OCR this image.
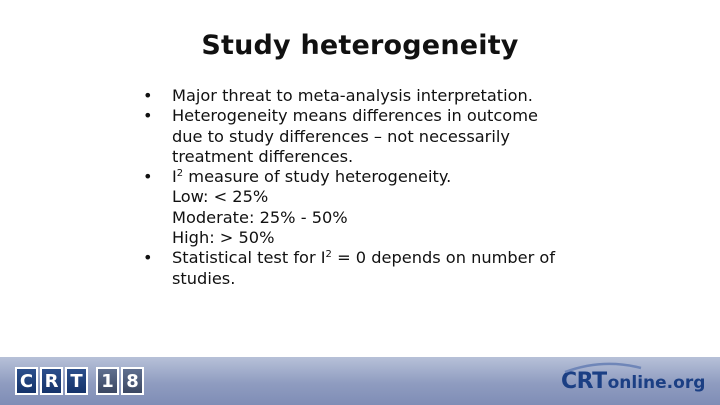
Study heterogeneity
• Major threat to meta-analysis interpretation.
• Heterogeneity means differences in outcome
due to study differences – not necessarily
treatment differences.
• $I^2$ measure of study heterogeneity.
Low: < 25%
Moderate: 25% - 50%
High: > 50%
• Statistical test for $I^2 = 0$ depends on number of
studies.
C R T 1 8	CRT online.org
